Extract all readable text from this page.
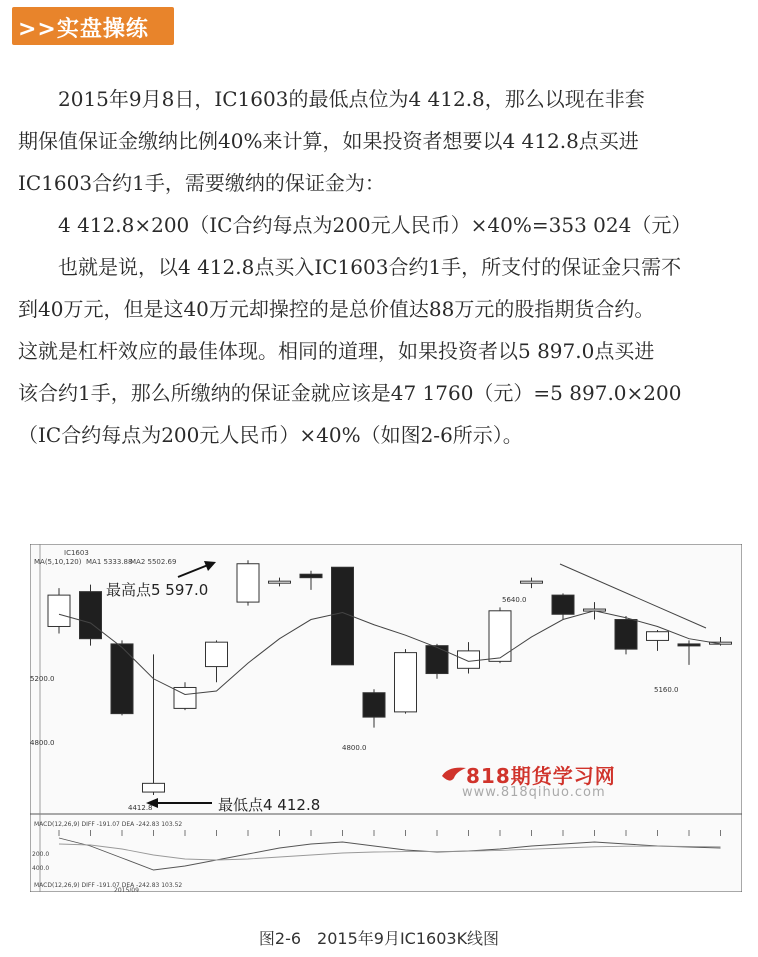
>>实盘操练
2015年9月8日，IC1603的最低点位为4 412.8，那么以现在非套
期保值保证金缴纳比例40%来计算，如果投资者想要以4 412.8点买进
IC1603合约1手，需要缴纳的保证金为：
4 412.8×200（IC合约每点为200元人民币）×40%=353 024（元）
也就是说，以4 412.8点买入IC1603合约1手，所支付的保证金只需不
到40万元，但是这40万元却操控的是总价值达88万元的股指期货合约。
这就是杠杆效应的最佳体现。相同的道理，如果投资者以5 897.0点买进
该合约1手，那么所缴纳的保证金就应该是47 1760（元）=5 897.0×200
（IC合约每点为200元人民币）×40%（如图2-6所示）。
IC1603
MA(5,10,120) MA1 5333.88
MA2 5502.69
5200.0
4800.0
5640.0
5160.0
4800.0
4412.8
最高点5 597.0
最低点4 412.8
MACD(12,26,9) DIFF -191.07 DEA -242.83 103.52
200.0
400.0
MACD(12,26,9) DIFF -191.07 DEA -242.83 103.52
2015/09
818期货学习网
www.818qihuo.com
图2-6　2015年9月IC1603K线图
